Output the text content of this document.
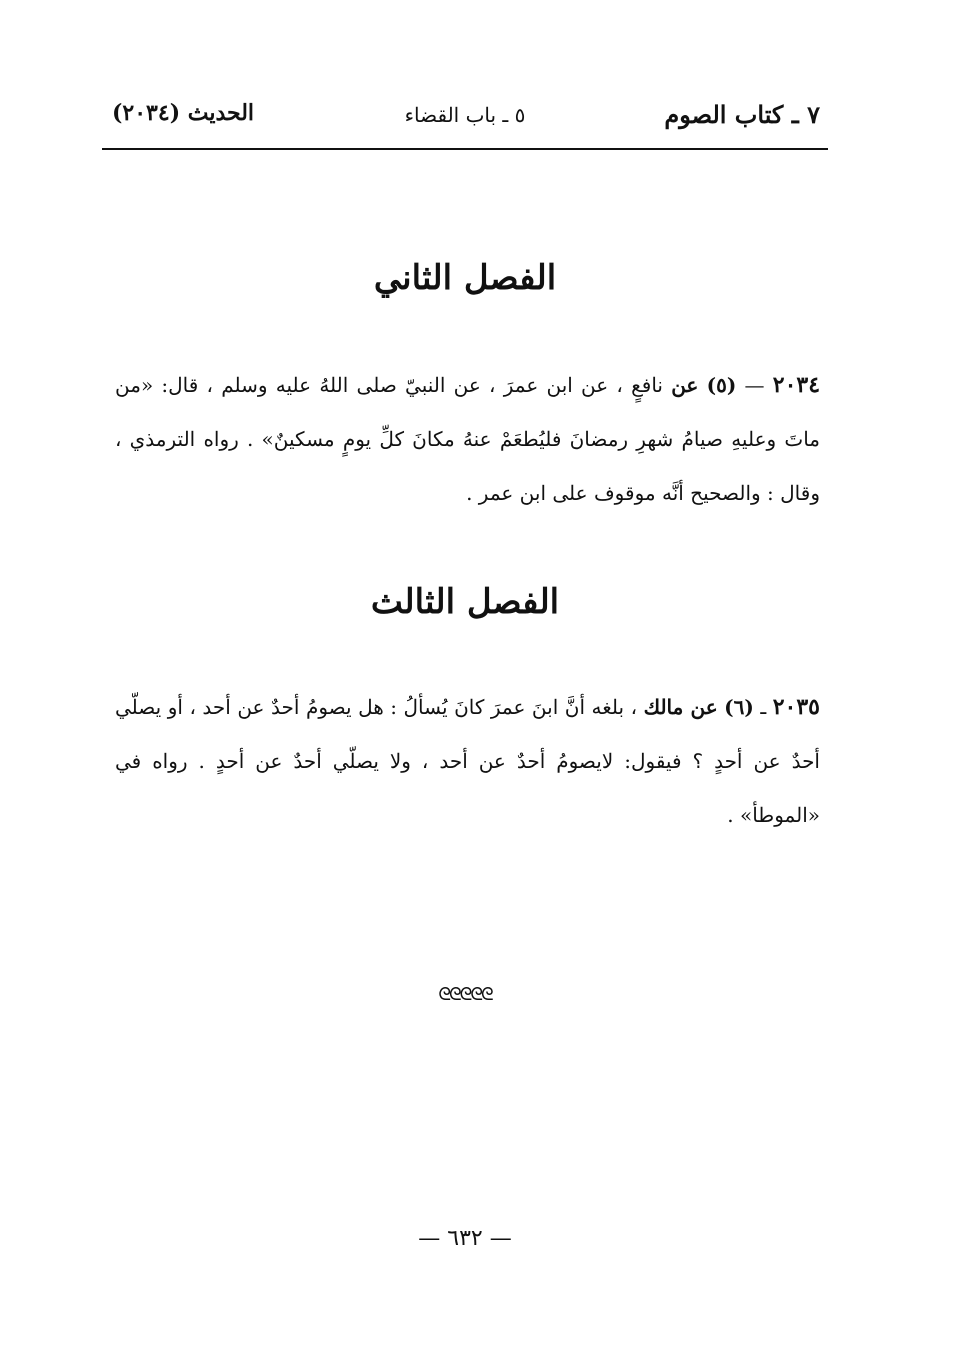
٧ ـ كتاب الصوم
٥ ـ باب القضاء
الحديث (٢٠٣٤)
الفصل الثاني
٢٠٣٤ — (٥) عن نافعٍ ، عن ابن عمرَ ، عن النبيّ صلى اللهُ عليه وسلم ، قال: «من ماتَ وعليهِ صيامُ شهرِ رمضانَ فليُطعَمْ عنهُ مكانَ كلِّ يومٍ مسكينٌ» . رواه الترمذي ، وقال : والصحيح أنَّه موقوف على ابن عمر .
الفصل الثالث
٢٠٣٥ ـ (٦) عن مالك ، بلغه أنَّ ابنَ عمرَ كانَ يُسألُ : هل يصومُ أحدٌ عن أحد ، أو يصلّي أحدٌ عن أحدٍ ؟ فيقول: لايصومُ أحدٌ عن أحد ، ولا يصلّي أحدٌ عن أحدٍ . رواه في «الموطأ» .
ᘓᘓᘓᘓᘓ
— ٦٣٢ —
